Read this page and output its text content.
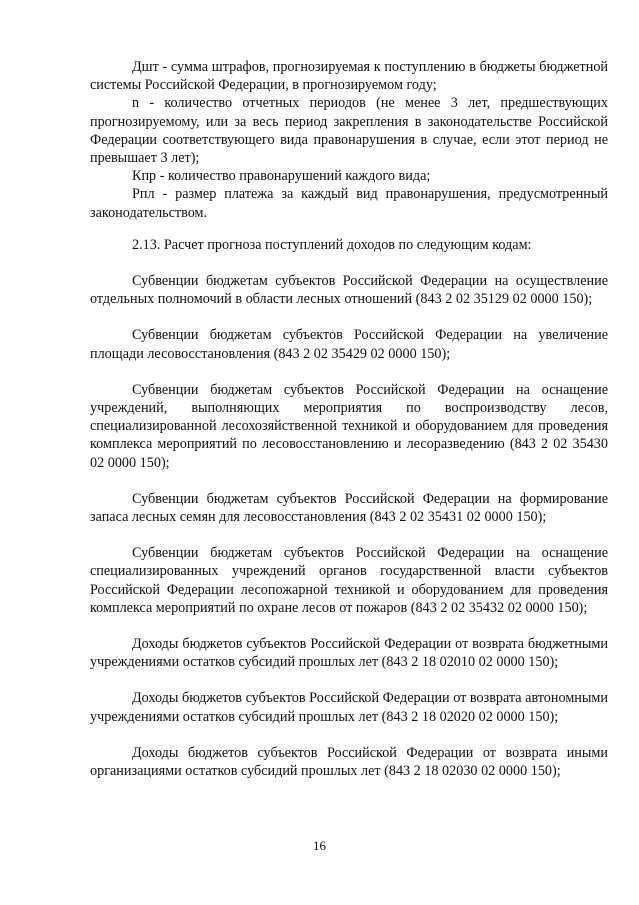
Дшт - сумма штрафов, прогнозируемая к поступлению в бюджеты бюджетной системы Российской Федерации, в прогнозируемом году;

n - количество отчетных периодов (не менее 3 лет, предшествующих прогнозируемому, или за весь период закрепления в законодательстве Российской Федерации соответствующего вида правонарушения в случае, если этот период не превышает 3 лет);

Кпр - количество правонарушений каждого вида;

Рпл - размер платежа за каждый вид правонарушения, предусмотренный законодательством.

2.13. Расчет прогноза поступлений доходов по следующим кодам:

Субвенции бюджетам субъектов Российской Федерации на осуществление отдельных полномочий в области лесных отношений (843 2 02 35129 02 0000 150);

Субвенции бюджетам субъектов Российской Федерации на увеличение площади лесовосстановления (843 2 02 35429 02 0000 150);

Субвенции бюджетам субъектов Российской Федерации на оснащение учреждений, выполняющих мероприятия по воспроизводству лесов, специализированной лесохозяйственной техникой и оборудованием для проведения комплекса мероприятий по лесовосстановлению и лесоразведению (843 2 02 35430 02 0000 150);

Субвенции бюджетам субъектов Российской Федерации на формирование запаса лесных семян для лесовосстановления (843 2 02 35431 02 0000 150);

Субвенции бюджетам субъектов Российской Федерации на оснащение специализированных учреждений органов государственной власти субъектов Российской Федерации лесопожарной техникой и оборудованием для проведения комплекса мероприятий по охране лесов от пожаров (843 2 02 35432 02 0000 150);

Доходы бюджетов субъектов Российской Федерации от возврата бюджетными учреждениями остатков субсидий прошлых лет (843 2 18 02010 02 0000 150);

Доходы бюджетов субъектов Российской Федерации от возврата автономными учреждениями остатков субсидий прошлых лет (843 2 18 02020 02 0000 150);

Доходы бюджетов субъектов Российской Федерации от возврата иными организациями остатков субсидий прошлых лет (843 2 18 02030 02 0000 150);

16
